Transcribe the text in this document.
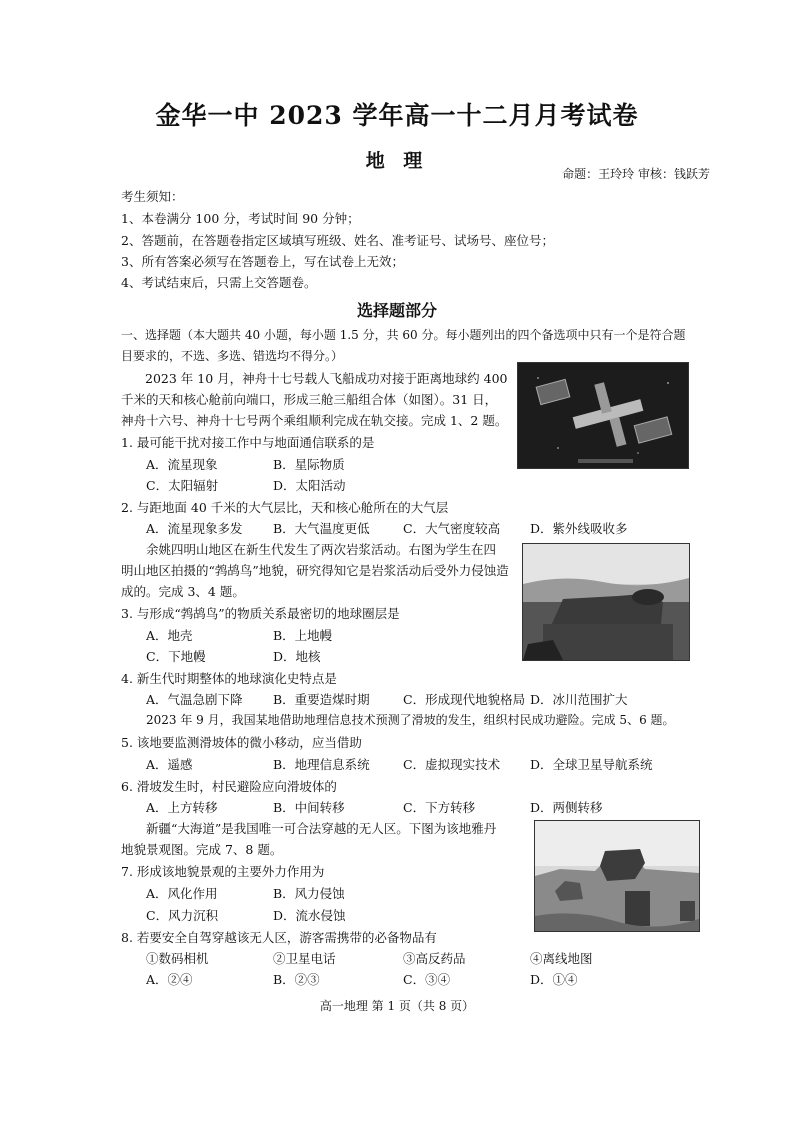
金华一中 2023 学年高一十二月月考试卷
地 理
命题：王玲玲 审核：钱跃芳
考生须知：
1、本卷满分 100 分，考试时间 90 分钟；
2、答题前，在答题卷指定区域填写班级、姓名、准考证号、试场号、座位号；
3、所有答案必须写在答题卷上，写在试卷上无效；
4、考试结束后，只需上交答题卷。
选择题部分
一、选择题（本大题共 40 小题，每小题 1.5 分，共 60 分。每小题列出的四个备选项中只有一个是符合题
目要求的，不选、多选、错选均不得分。）
2023 年 10 月，神舟十七号载人飞船成功对接于距离地球约 400
千米的天和核心舱前向端口，形成三舱三船组合体（如图）。31 日，
神舟十六号、神舟十七号两个乘组顺利完成在轨交接。完成 1、2 题。
1. 最可能干扰对接工作中与地面通信联系的是
A．流星现象	B．星际物质
C．太阳辐射	D．太阳活动
2. 与距地面 40 千米的大气层比，天和核心舱所在的大气层
A．流星现象多发 B．大气温度更低	C．大气密度较高 D．紫外线吸收多
余姚四明山地区在新生代发生了两次岩浆活动。右图为学生在四
明山地区拍摄的“鹁鸪鸟”地貌，研究得知它是岩浆活动后受外力侵蚀造
成的。完成 3、4 题。
3. 与形成“鹁鸪鸟”的物质关系最密切的地球圈层是
A．地壳	B．上地幔
C．下地幔	D．地核
4. 新生代时期整体的地球演化史特点是
A．气温急剧下降 B．重要造煤时期	C．形成现代地貌格局 D．冰川范围扩大
2023 年 9 月，我国某地借助地理信息技术预测了滑坡的发生，组织村民成功避险。完成 5、6 题。
5. 该地要监测滑坡体的微小移动，应当借助
A．遥感	B．地理信息系统	C．虚拟现实技术 D．全球卫星导航系统
6. 滑坡发生时，村民避险应向滑坡体的
A．上方转移	B．中间转移	C．下方转移	D．两侧转移
新疆“大海道”是我国唯一可合法穿越的无人区。下图为该地雅丹
地貌景观图。完成 7、8 题。
7. 形成该地貌景观的主要外力作用为
A．风化作用	B．风力侵蚀
C．风力沉积	D．流水侵蚀
8. 若要安全自驾穿越该无人区，游客需携带的必备物品有
①数码相机	②卫星电话	③高反药品	④离线地图
A．②④	B．②③	C．③④	D．①④
高一地理 第 1 页（共 8 页）
